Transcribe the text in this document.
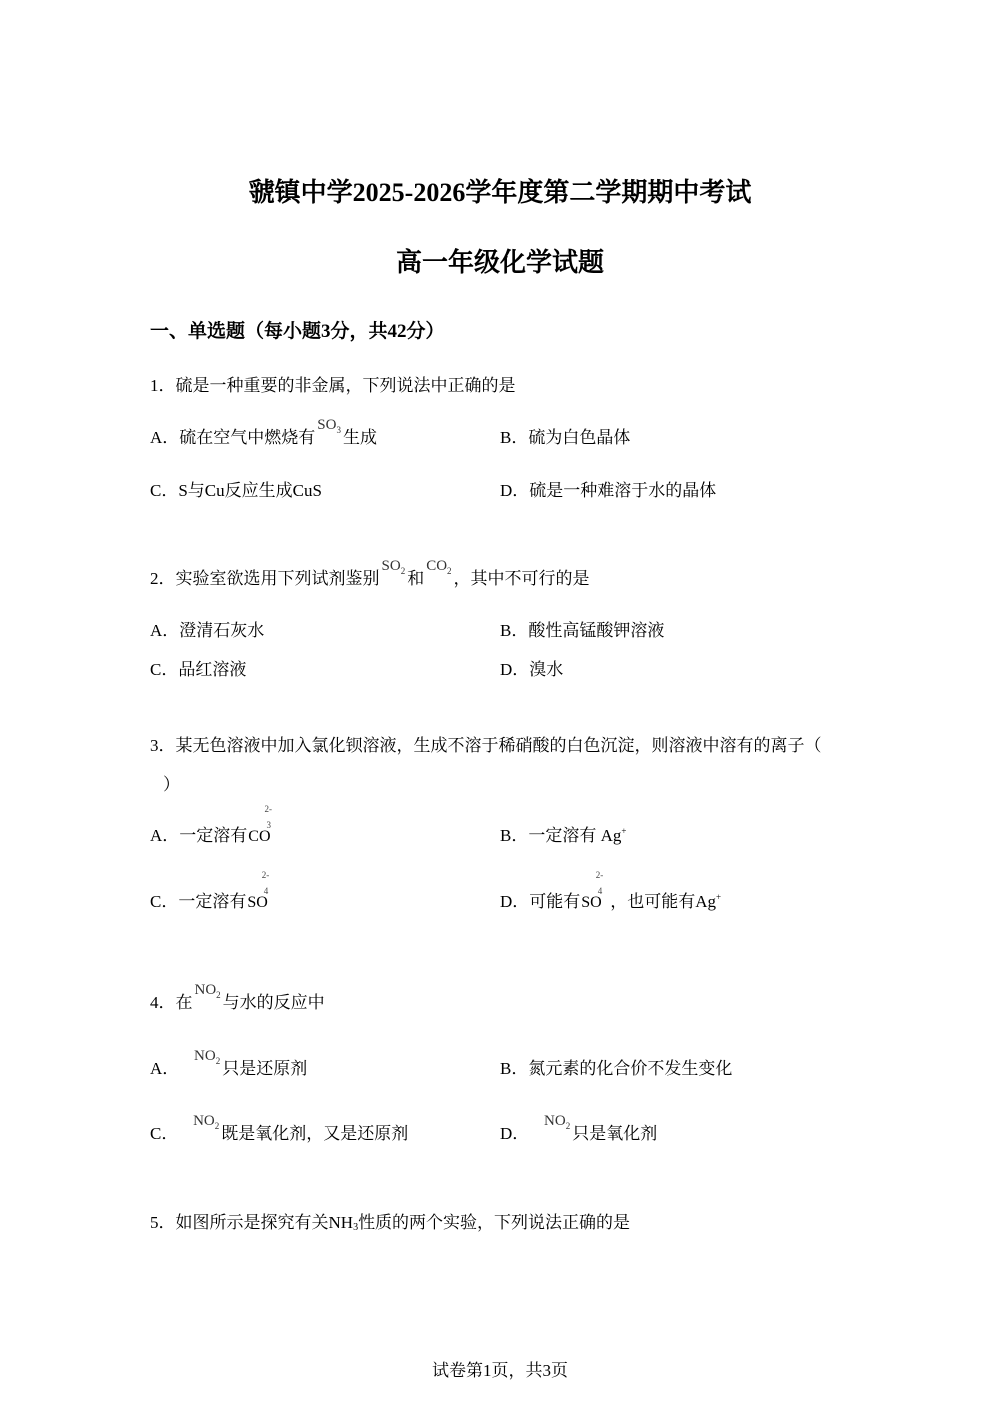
虢镇中学2025-2026学年度第二学期期中考试
高一年级化学试题
一、单选题（每小题3分，共42分）
1．硫是一种重要的非金属，下列说法中正确的是
A．硫在空气中燃烧有$SO_3$ 生成	B．硫为白色晶体
C．S与Cu反应生成CuS	D．硫是一种难溶于水的晶体
2．实验室欲选用下列试剂鉴别$SO_2$ 和$CO_2$ ，其中不可行的是
A．澄清石灰水	B．酸性高锰酸钾溶液
C．品红溶液	D．溴水
3．某无色溶液中加入氯化钡溶液，生成不溶于稀硝酸的白色沉淀，则溶液中溶有的离子（
）
A．一定溶有CO
2-
3
B．一定溶有 Ag+
C．一定溶有SO
2-
4
D．可能有SO
2-
4
，也可能有Ag+
4．在$NO_2$ 与水的反应中
A．   $NO_2$ 只是还原剂	B．氮元素的化合价不发生变化
C．   $NO_2$ 既是氧化剂，又是还原剂	D．   $NO_2$ 只是氧化剂
5．如图所示是探究有关NH3性质的两个实验，下列说法正确的是
试卷第1页，共3页
